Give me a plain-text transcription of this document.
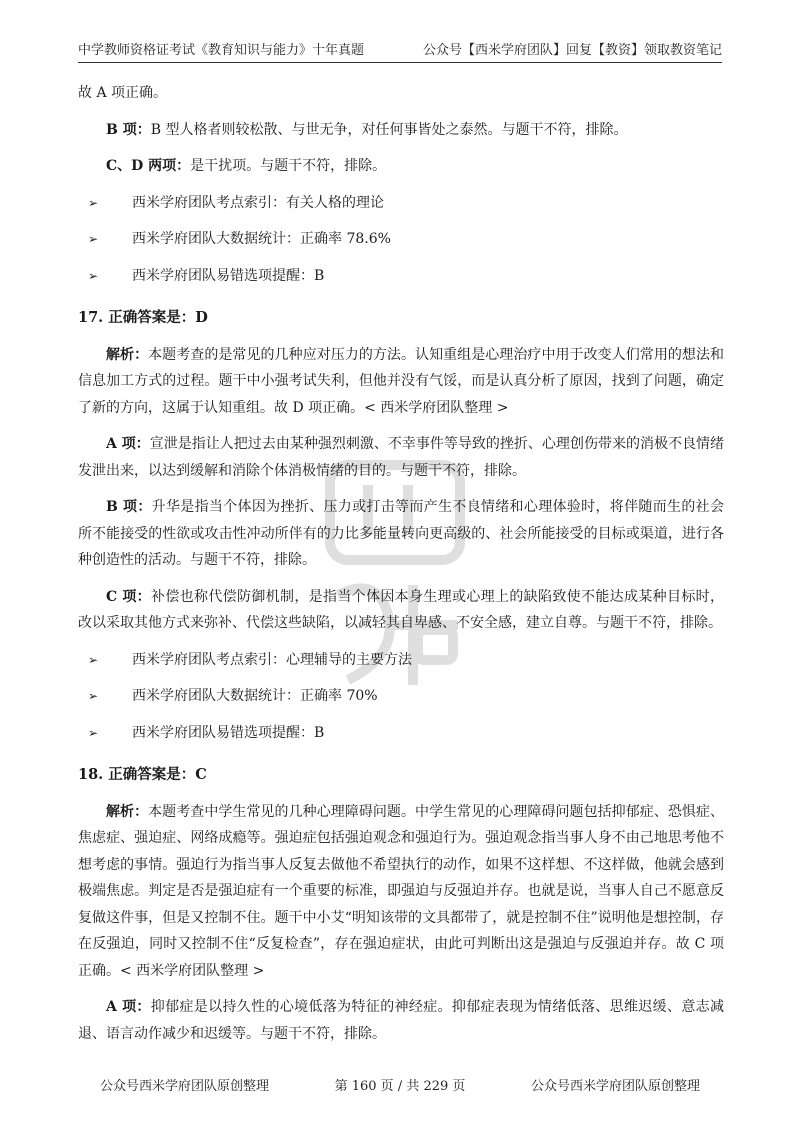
中学教师资格证考试《教育知识与能力》十年真题	公众号【西米学府团队】回复【教资】领取教资笔记

故 A 项正确。

B 项：B 型人格者则较松散、与世无争，对任何事皆处之泰然。与题干不符，排除。

C、D 两项：是干扰项。与题干不符，排除。

➢ 西米学府团队考点索引：有关人格的理论
➢ 西米学府团队大数据统计：正确率 78.6%
➢ 西米学府团队易错选项提醒：B
17. 正确答案是：D

解析：本题考查的是常见的几种应对压力的方法。认知重组是心理治疗中用于改变人们常用的想法和信息加工方式的过程。题干中小强考试失利，但他并没有气馁，而是认真分析了原因，找到了问题，确定了新的方向，这属于认知重组。故 D 项正确。< 西米学府团队整理 >

A 项：宣泄是指让人把过去由某种强烈刺激、不幸事件等导致的挫折、心理创伤带来的消极不良情绪发泄出来，以达到缓解和消除个体消极情绪的目的。与题干不符，排除。

B 项：升华是指当个体因为挫折、压力或打击等而产生不良情绪和心理体验时，将伴随而生的社会所不能接受的性欲或攻击性冲动所伴有的力比多能量转向更高级的、社会所能接受的目标或渠道，进行各种创造性的活动。与题干不符，排除。

C 项：补偿也称代偿防御机制，是指当个体因本身生理或心理上的缺陷致使不能达成某种目标时，改以采取其他方式来弥补、代偿这些缺陷，以减轻其自卑感、不安全感，建立自尊。与题干不符，排除。

➢ 西米学府团队考点索引：心理辅导的主要方法
➢ 西米学府团队大数据统计：正确率 70%
➢ 西米学府团队易错选项提醒：B
18. 正确答案是：C

解析：本题考查中学生常见的几种心理障碍问题。中学生常见的心理障碍问题包括抑郁症、恐惧症、焦虑症、强迫症、网络成瘾等。强迫症包括强迫观念和强迫行为。强迫观念指当事人身不由己地思考他不想考虑的事情。强迫行为指当事人反复去做他不希望执行的动作，如果不这样想、不这样做，他就会感到极端焦虑。判定是否是强迫症有一个重要的标准，即强迫与反强迫并存。也就是说，当事人自己不愿意反复做这件事，但是又控制不住。题干中小艾“明知该带的文具都带了，就是控制不住”说明他是想控制，存在反强迫，同时又控制不住“反复检查”，存在强迫症状，由此可判断出这是强迫与反强迫并存。故 C 项正确。< 西米学府团队整理 >

A 项：抑郁症是以持久性的心境低落为特征的神经症。抑郁症表现为情绪低落、思维迟缓、意志减退、语言动作减少和迟缓等。与题干不符，排除。

公众号西米学府团队原创整理	第 160 页 / 共 229 页	公众号西米学府团队原创整理
